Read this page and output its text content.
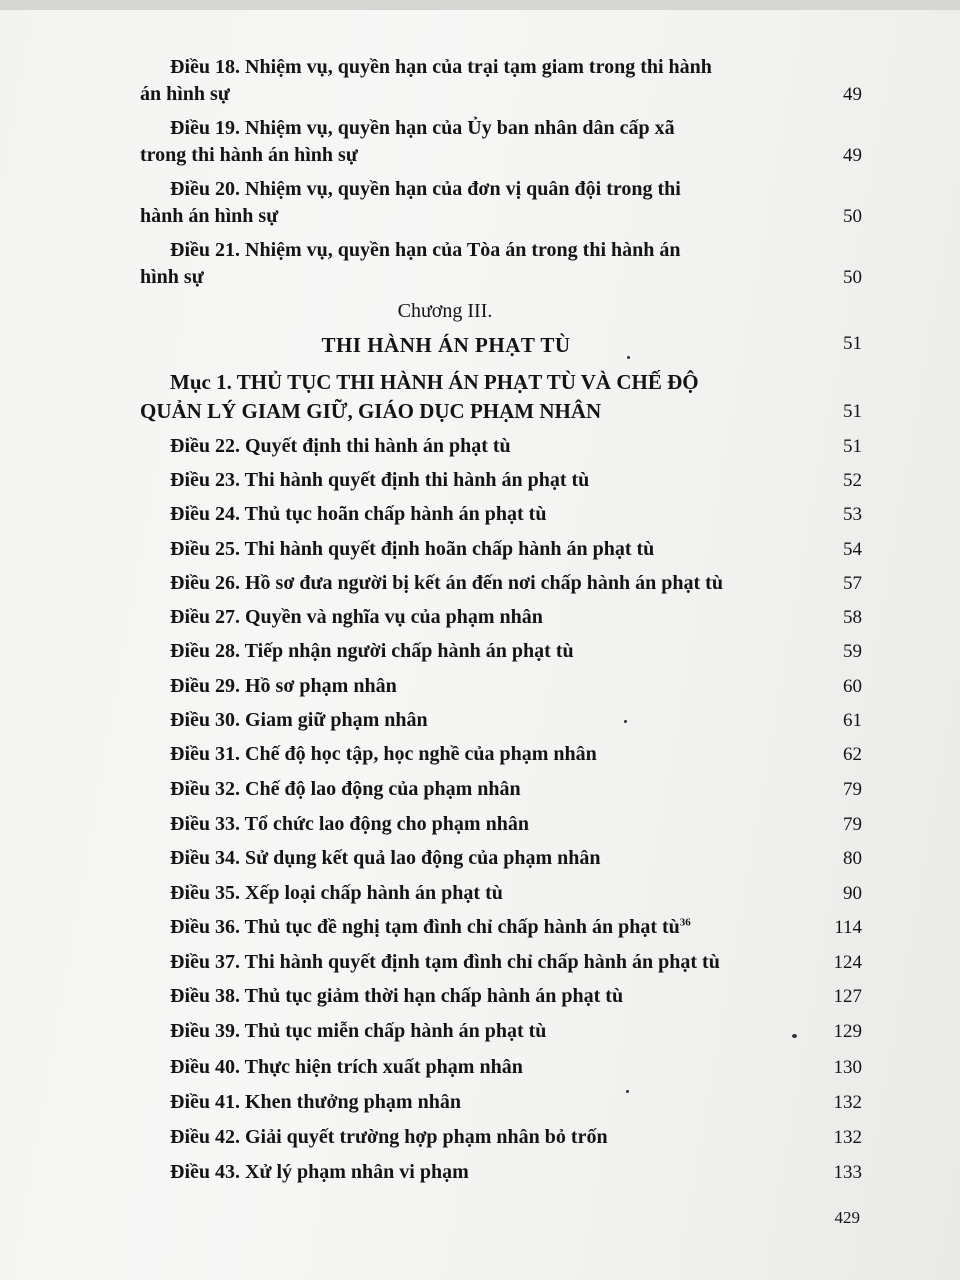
Điều 18. Nhiệm vụ, quyền hạn của trại tạm giam trong thi hành
án hình sự	49
Điều 19. Nhiệm vụ, quyền hạn của Ủy ban nhân dân cấp xã
trong thi hành án hình sự	49
Điều 20. Nhiệm vụ, quyền hạn của đơn vị quân đội trong thi
hành án hình sự	50
Điều 21. Nhiệm vụ, quyền hạn của Tòa án trong thi hành án
hình sự	50
Chương III.
THI HÀNH ÁN PHẠT TÙ	51
Mục 1. THỦ TỤC THI HÀNH ÁN PHẠT TÙ VÀ CHẾ ĐỘ
QUẢN LÝ GIAM GIỮ, GIÁO DỤC PHẠM NHÂN	51
Điều 22. Quyết định thi hành án phạt tù	51
Điều 23. Thi hành quyết định thi hành án phạt tù	52
Điều 24. Thủ tục hoãn chấp hành án phạt tù	53
Điều 25. Thi hành quyết định hoãn chấp hành án phạt tù	54
Điều 26. Hồ sơ đưa người bị kết án đến nơi chấp hành án phạt tù	57
Điều 27. Quyền và nghĩa vụ của phạm nhân	58
Điều 28. Tiếp nhận người chấp hành án phạt tù	59
Điều 29. Hồ sơ phạm nhân	60
Điều 30. Giam giữ phạm nhân	61
Điều 31. Chế độ học tập, học nghề của phạm nhân	62
Điều 32. Chế độ lao động của phạm nhân	79
Điều 33. Tổ chức lao động cho phạm nhân	79
Điều 34. Sử dụng kết quả lao động của phạm nhân	80
Điều 35. Xếp loại chấp hành án phạt tù	90
Điều 36. Thủ tục đề nghị tạm đình chỉ chấp hành án phạt $tù^{36}$	114
Điều 37. Thi hành quyết định tạm đình chỉ chấp hành án phạt tù	124
Điều 38. Thủ tục giảm thời hạn chấp hành án phạt tù	127
Điều 39. Thủ tục miễn chấp hành án phạt tù	129
Điều 40. Thực hiện trích xuất phạm nhân	130
Điều 41. Khen thưởng phạm nhân	132
Điều 42. Giải quyết trường hợp phạm nhân bỏ trốn	132
Điều 43. Xử lý phạm nhân vi phạm	133
429
